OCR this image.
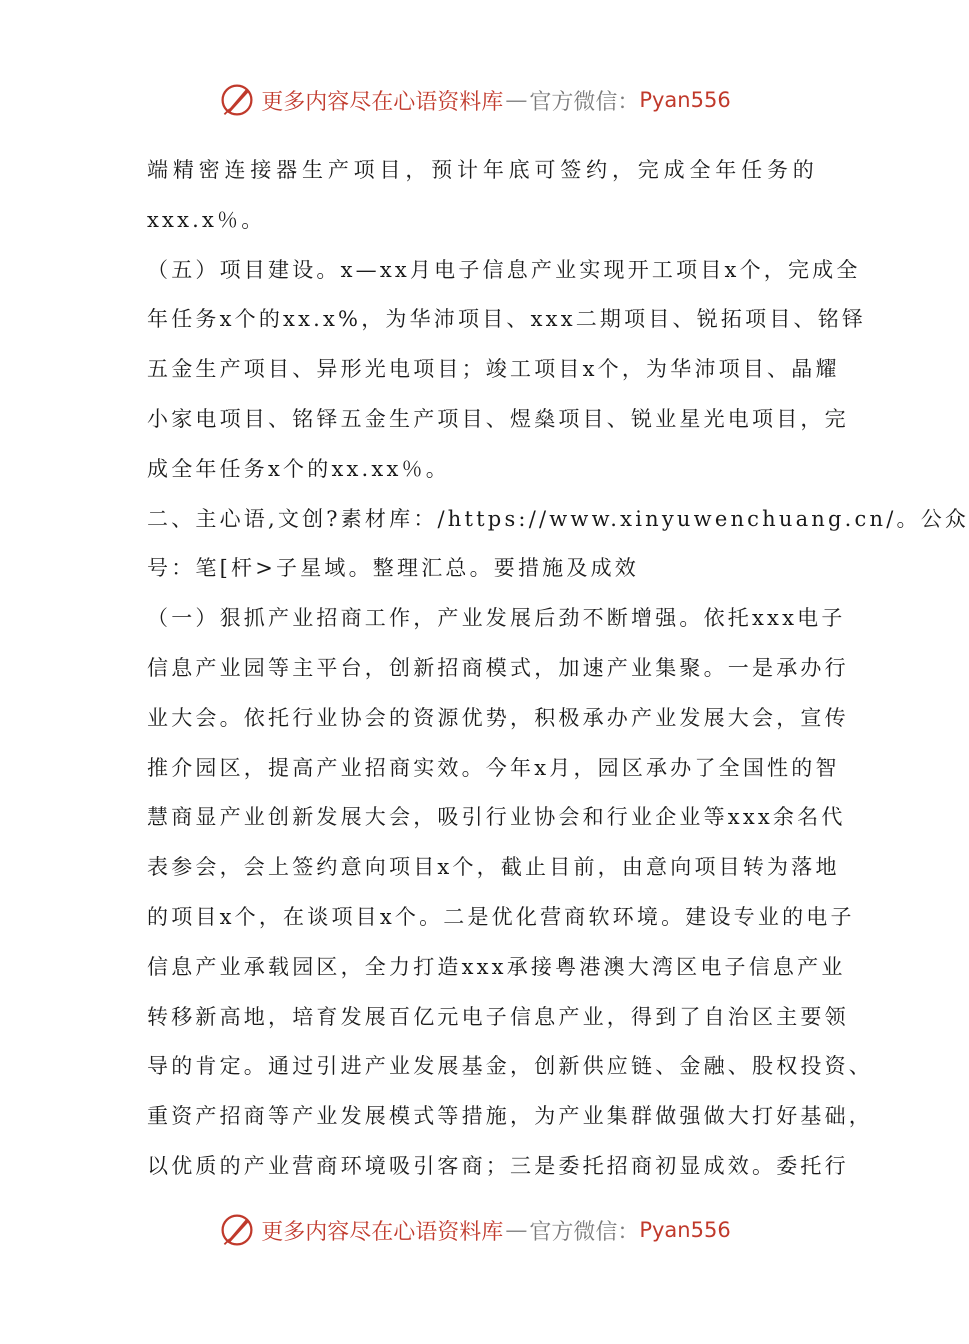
更多内容尽在心语资料库 — 官方微信： Pyan556
端精密连接器生产项目，预计年底可签约，完成全年任务的
xxx.x％。
（五）项目建设。x—xx月电子信息产业实现开工项目x个，完成全
年任务x个的xx.x%，为华沛项目、xxx二期项目、锐拓项目、铭铎
五金生产项目、异形光电项目；竣工项目x个，为华沛项目、晶耀
小家电项目、铭铎五金生产项目、煜燊项目、锐业星光电项目，完
成全年任务x个的xx.xx％。
二、主心语,文创?素材库：/https://www.xinyuwenchuang.cn/。公众
号：笔[杆>子星域。整理汇总。要措施及成效
（一）狠抓产业招商工作，产业发展后劲不断增强。依托xxx电子
信息产业园等主平台，创新招商模式，加速产业集聚。一是承办行
业大会。依托行业协会的资源优势，积极承办产业发展大会，宣传
推介园区，提高产业招商实效。今年x月，园区承办了全国性的智
慧商显产业创新发展大会，吸引行业协会和行业企业等xxx余名代
表参会，会上签约意向项目x个，截止目前，由意向项目转为落地
的项目x个，在谈项目x个。二是优化营商软环境。建设专业的电子
信息产业承载园区，全力打造xxx承接粤港澳大湾区电子信息产业
转移新高地，培育发展百亿元电子信息产业，得到了自治区主要领
导的肯定。通过引进产业发展基金，创新供应链、金融、股权投资、
重资产招商等产业发展模式等措施，为产业集群做强做大打好基础，
以优质的产业营商环境吸引客商；三是委托招商初显成效。委托行
更多内容尽在心语资料库 — 官方微信： Pyan556
